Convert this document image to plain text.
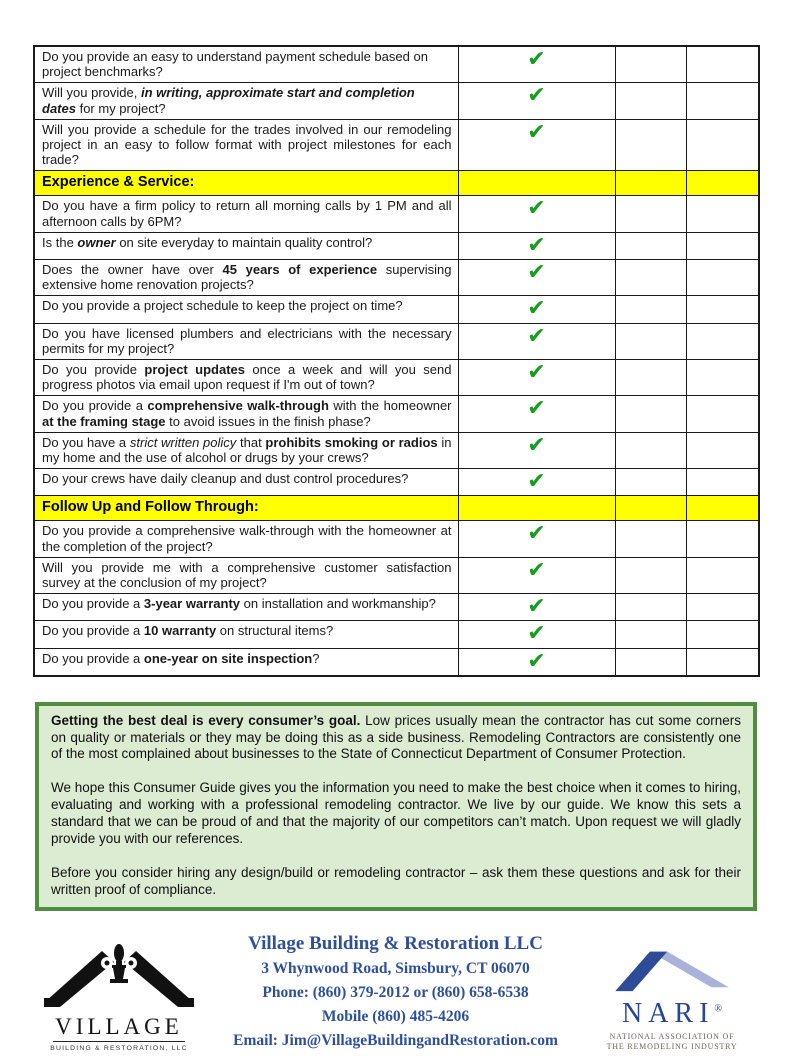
Do you provide an easy to understand payment schedule based on project benchmarks?	✔		
Will you provide, in writing, approximate start and completion dates for my project?	✔		
Will you provide a schedule for the trades involved in our remodeling project in an easy to follow format with project milestones for each trade?	✔		
Experience & Service:			
Do you have a firm policy to return all morning calls by 1 PM and all afternoon calls by 6PM?	✔		
Is the owner on site everyday to maintain quality control?	✔		
Does the owner have over 45 years of experience supervising extensive home renovation projects?	✔		
Do you provide a project schedule to keep the project on time?	✔		
Do you have licensed plumbers and electricians with the necessary permits for my project?	✔		
Do you provide project updates once a week and will you send progress photos via email upon request if I'm out of town?	✔		
Do you provide a comprehensive walk-through with the homeowner at the framing stage to avoid issues in the finish phase?	✔		
Do you have a strict written policy that prohibits smoking or radios in my home and the use of alcohol or drugs by your crews?	✔		
Do your crews have daily cleanup and dust control procedures?	✔		
Follow Up and Follow Through:			
Do you provide a comprehensive walk-through with the homeowner at the completion of the project?	✔		
Will you provide me with a comprehensive customer satisfaction survey at the conclusion of my project?	✔		
Do you provide a 3-year warranty on installation and workmanship?	✔		
Do you provide a 10 warranty on structural items?	✔		
Do you provide a one-year on site inspection?	✔		

Getting the best deal is every consumer’s goal. Low prices usually mean the contractor has cut some corners on quality or materials or they may be doing this as a side business. Remodeling Contractors are consistently one of the most complained about businesses to the State of Connecticut Department of Consumer Protection.

We hope this Consumer Guide gives you the information you need to make the best choice when it comes to hiring, evaluating and working with a professional remodeling contractor. We live by our guide. We know this sets a standard that we can be proud of and that the majority of our competitors can’t match. Upon request we will gladly provide you with our references.

Before you consider hiring any design/build or remodeling contractor – ask them these questions and ask for their written proof of compliance.

VILLAGE
BUILDING & RESTORATION, LLC
Village Building & Restoration LLC
3 Whynwood Road, Simsbury, CT 06070
Phone: (860) 379-2012 or (860) 658-6538
Mobile (860) 485-4206
Email: Jim@VillageBuildingandRestoration.com
NARI®
NATIONAL ASSOCIATION OF
THE REMODELING INDUSTRY
